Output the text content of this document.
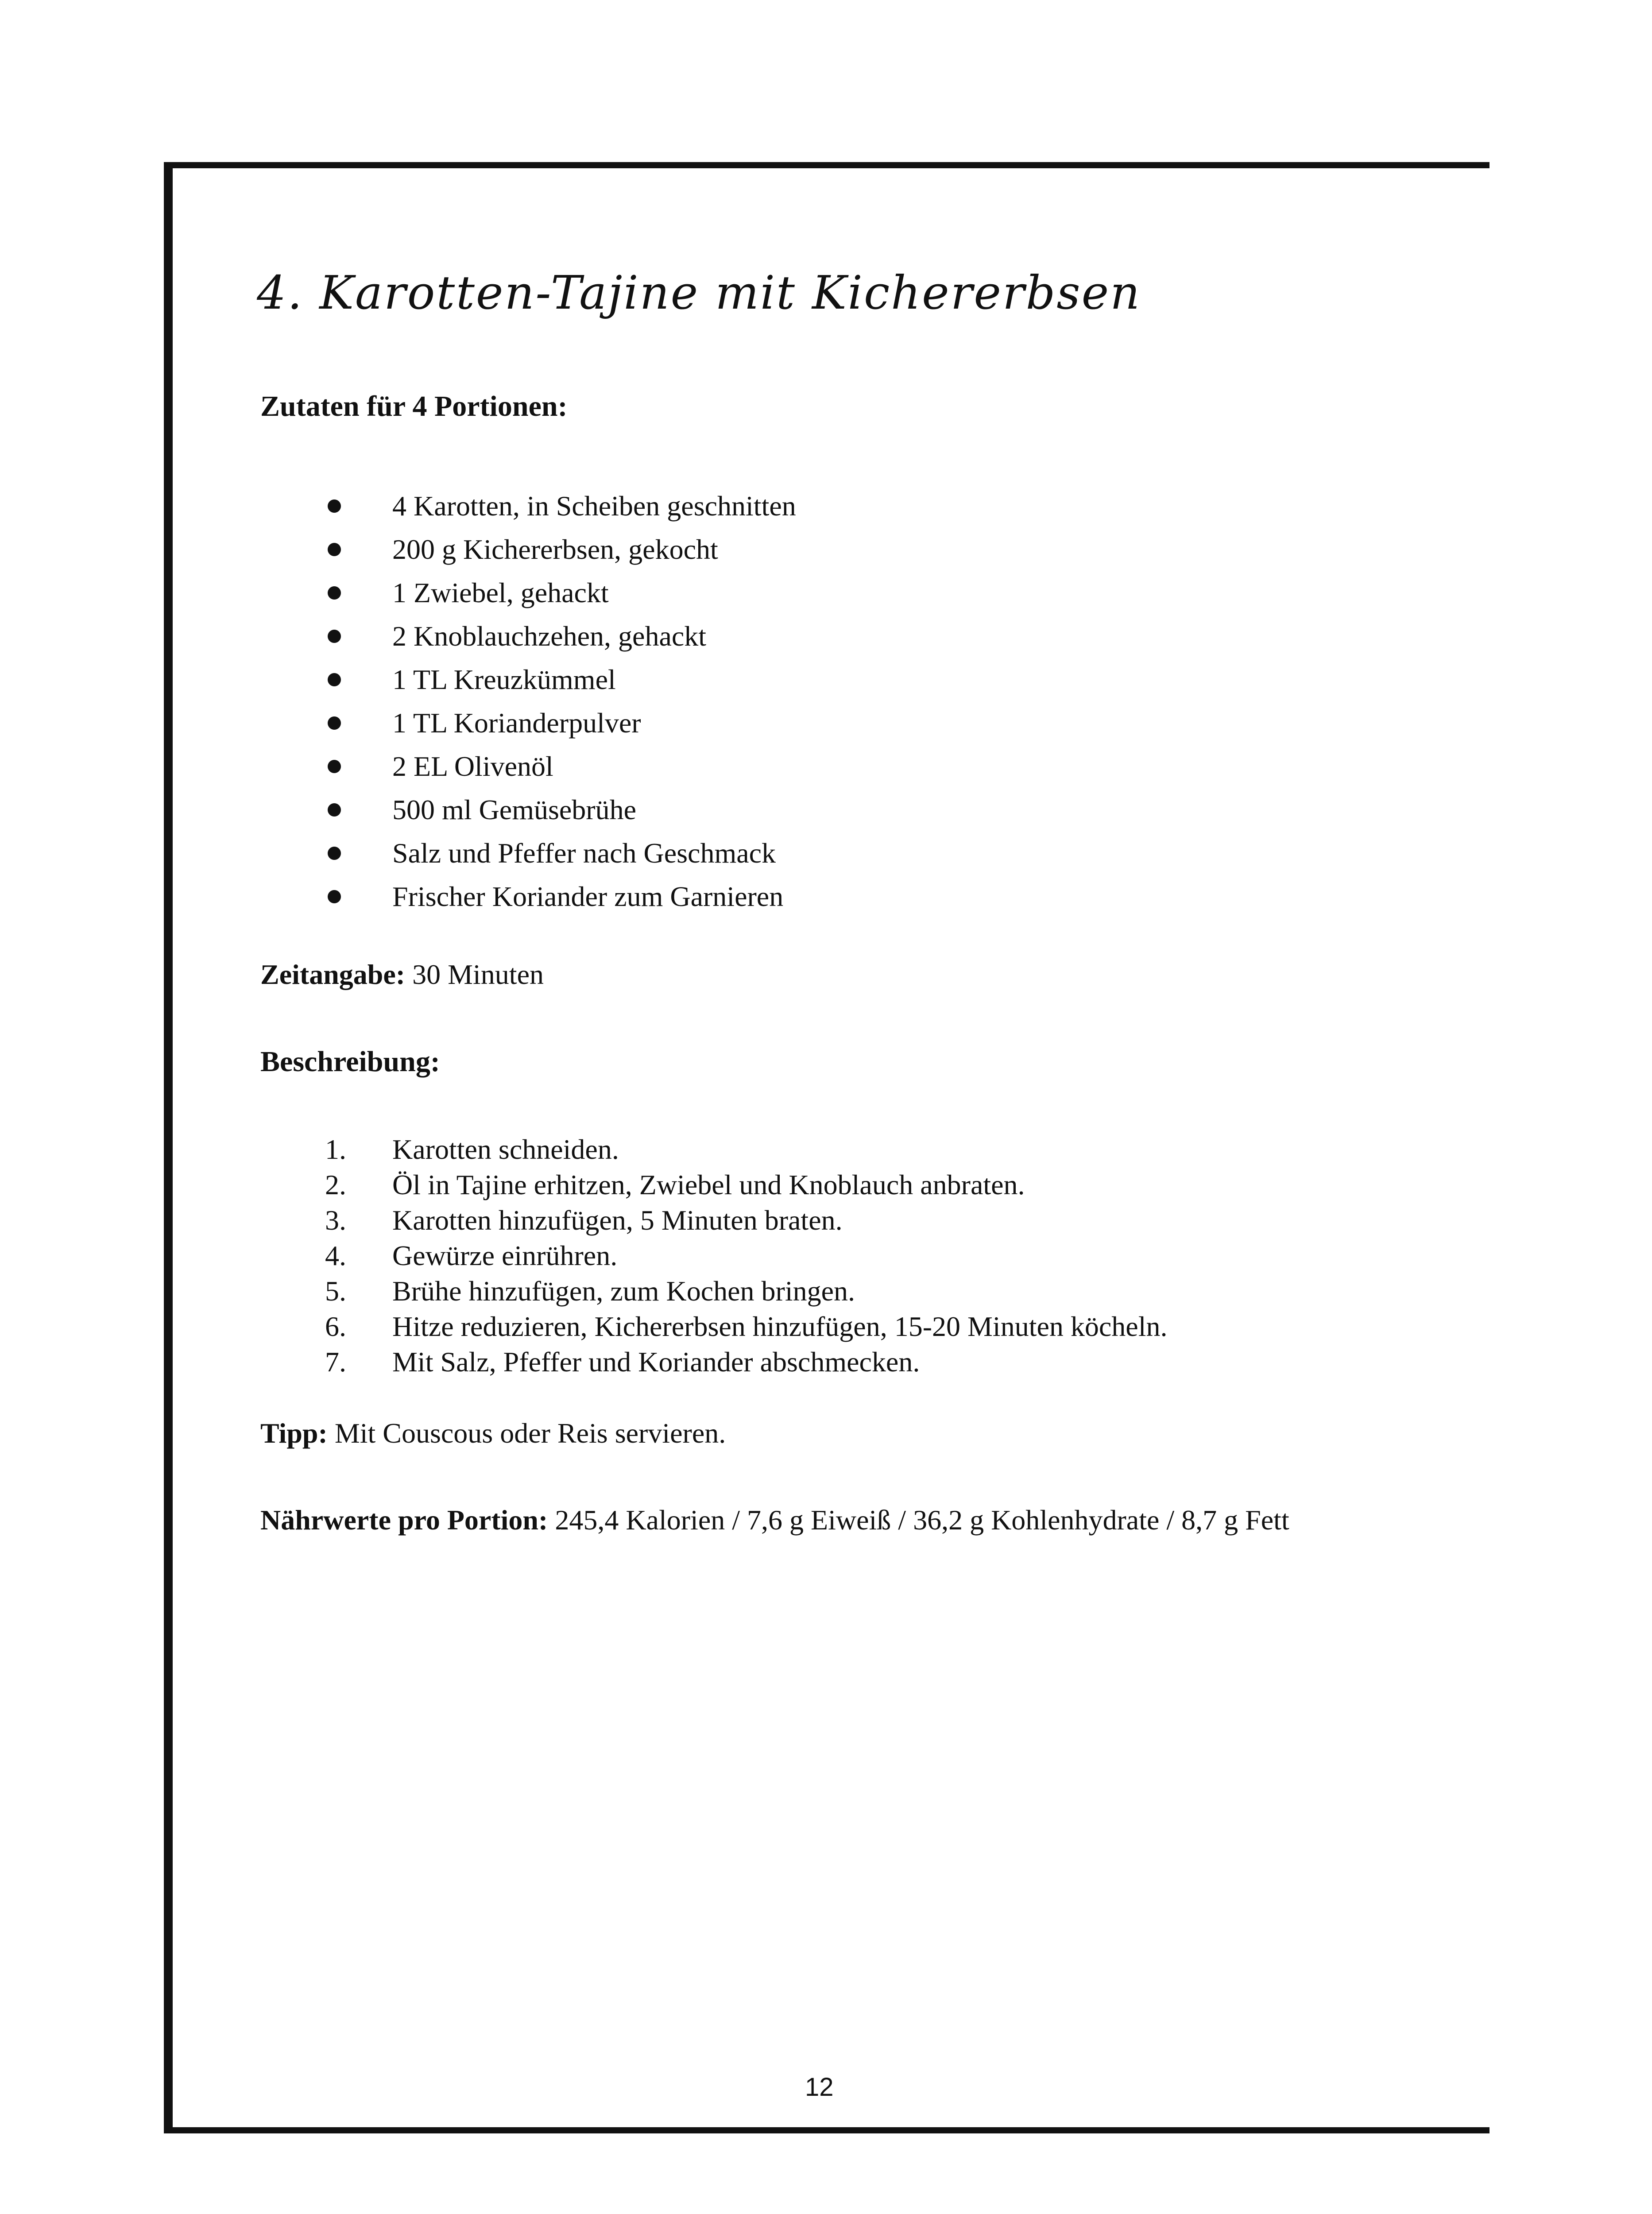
4. Karotten-Tajine mit Kichererbsen
Zutaten für 4 Portionen:
4 Karotten, in Scheiben geschnitten
200 g Kichererbsen, gekocht
1 Zwiebel, gehackt
2 Knoblauchzehen, gehackt
1 TL Kreuzkümmel
1 TL Korianderpulver
2 EL Olivenöl
500 ml Gemüsebrühe
Salz und Pfeffer nach Geschmack
Frischer Koriander zum Garnieren
Zeitangabe: 30 Minuten
Beschreibung:
1. Karotten schneiden.
2. Öl in Tajine erhitzen, Zwiebel und Knoblauch anbraten.
3. Karotten hinzufügen, 5 Minuten braten.
4. Gewürze einrühren.
5. Brühe hinzufügen, zum Kochen bringen.
6. Hitze reduzieren, Kichererbsen hinzufügen, 15-20 Minuten köcheln.
7. Mit Salz, Pfeffer und Koriander abschmecken.
Tipp: Mit Couscous oder Reis servieren.
Nährwerte pro Portion: 245,4 Kalorien / 7,6 g Eiweiß / 36,2 g Kohlenhydrate / 8,7 g Fett
12
